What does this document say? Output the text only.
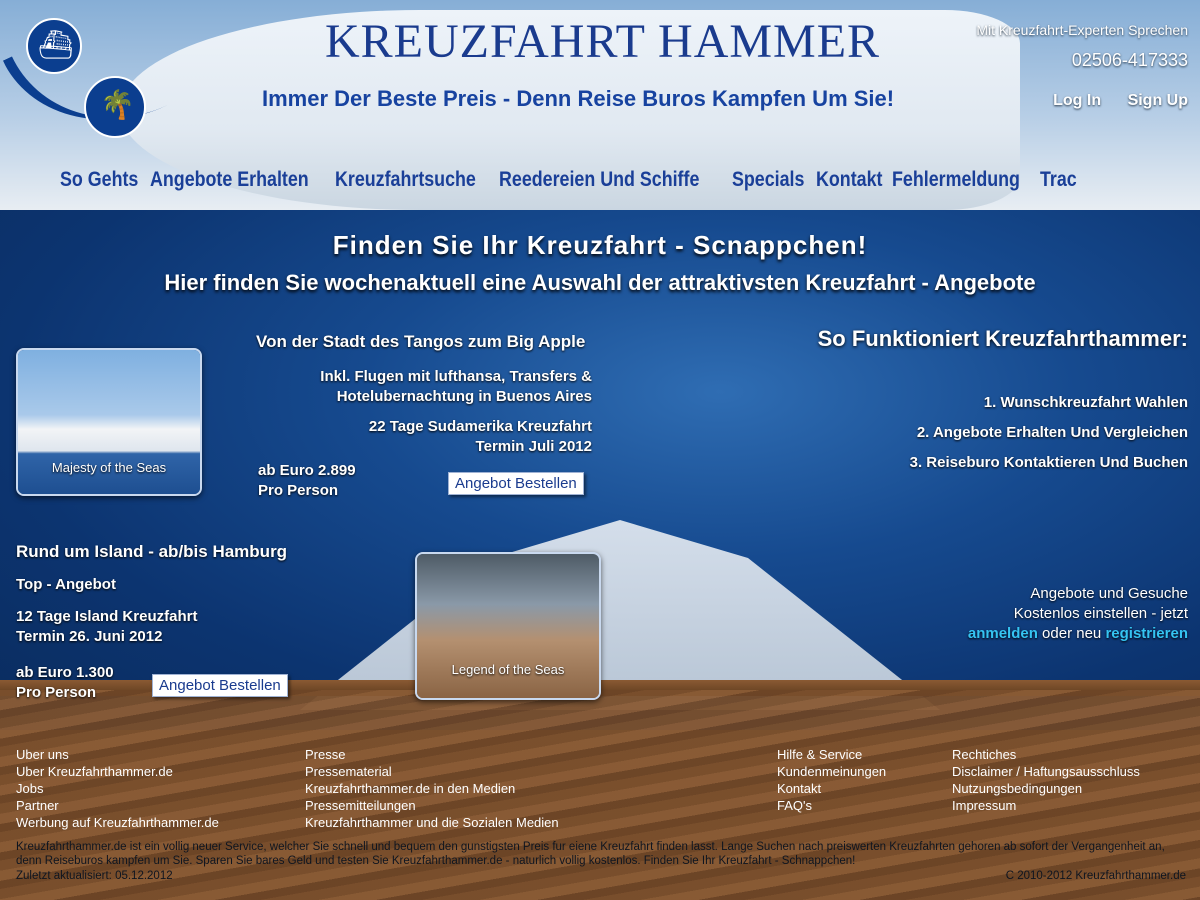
⛴
🌴
KREUZFAHRT HAMMER
Immer Der Beste Preis - Denn Reise Buros Kampfen Um Sie!
Mit Kreuzfahrt-Experten Sprechen
02506-417333
Log In Sign Up
So Gehts Angebote Erhalten Kreuzfahrtsuche Reedereien Und Schiffe Specials Kontakt Fehlermeldung Trac
Finden Sie Ihr Kreuzfahrt - Scnappchen!
Hier finden Sie wochenaktuell eine Auswahl der attraktivsten Kreuzfahrt - Angebote
Majesty of the Seas
Von der Stadt des Tangos zum Big Apple
Inkl. Flugen mit lufthansa, Transfers &
Hotelubernachtung in Buenos Aires
22 Tage Sudamerika Kreuzfahrt
Termin Juli 2012
ab Euro 2.899
Pro Person	Angebot Bestellen
Rund um Island - ab/bis Hamburg
Top - Angebot
12 Tage Island Kreuzfahrt
Termin 26. Juni 2012
ab Euro 1.300
Pro Person	Angebot Bestellen
Legend of the Seas
So Funktioniert Kreuzfahrthammer:
1. Wunschkreuzfahrt Wahlen
2. Angebote Erhalten Und Vergleichen
3. Reiseburo Kontaktieren Und Buchen
Angebote und Gesuche
Kostenlos einstellen - jetzt
anmelden oder neu registrieren
Uber uns
Uber Kreuzfahrthammer.de
Jobs
Partner
Werbung auf Kreuzfahrthammer.de
Presse
Pressematerial
Kreuzfahrthammer.de in den Medien
Pressemitteilungen
Kreuzfahrthammer und die Sozialen Medien
Hilfe & Service
Kundenmeinungen
Kontakt
FAQ's
Rechtiches
Disclaimer / Haftungsausschluss
Nutzungsbedingungen
Impressum
Kreuzfahrthammer.de ist ein vollig neuer Service, welcher Sie schnell und bequem den gunstigsten Preis fur eiene Kreuzfahrt finden lasst. Lange Suchen nach preiswerten Kreuzfahrten gehoren ab sofort der Vergangenheit an, denn Reiseburos kampfen um Sie. Sparen Sie bares Geld und testen Sie Kreuzfahrthammer.de - naturlich vollig kostenlos. Finden Sie Ihr Kreuzfahrt - Schnappchen!
Zuletzt aktualisiert: 05.12.2012	C 2010-2012 Kreuzfahrthammer.de
